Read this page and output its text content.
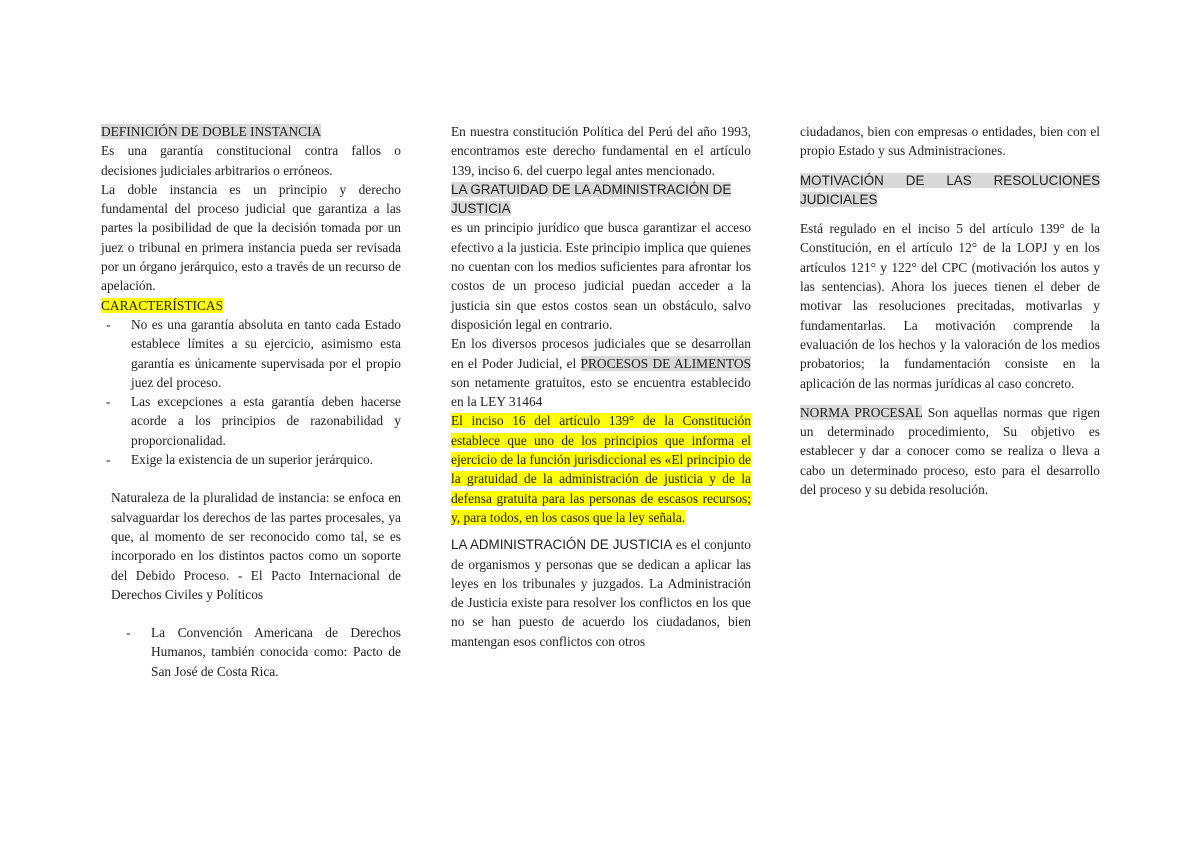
DEFINICIÓN DE DOBLE INSTANCIA

Es una garantía constitucional contra fallos o decisiones judiciales arbitrarios o erróneos.

La doble instancia es un principio y derecho fundamental del proceso judicial que garantiza a las partes la posibilidad de que la decisión tomada por un juez o tribunal en primera instancia pueda ser revisada por un órgano jerárquico, esto a través de un recurso de apelación.

CARACTERÍSTICAS

- No es una garantía absoluta en tanto cada Estado establece límites a su ejercicio, asimismo esta garantía es únicamente supervisada por el propio juez del proceso.
- Las excepciones a esta garantía deben hacerse acorde a los principios de razonabilidad y proporcionalidad.
- Exige la existencia de un superior jerárquico.

Naturaleza de la pluralidad de instancia: se enfoca en salvaguardar los derechos de las partes procesales, ya que, al momento de ser reconocido como tal, se es incorporado en los distintos pactos como un soporte del Debido Proceso. - El Pacto Internacional de Derechos Civiles y Políticos

- La Convención Americana de Derechos Humanos, también conocida como: Pacto de San José de Costa Rica.

En nuestra constitución Política del Perú del año 1993, encontramos este derecho fundamental en el artículo 139, inciso 6. del cuerpo legal antes mencionado.

LA GRATUIDAD DE LA ADMINISTRACIÓN DE JUSTICIA

es un principio jurídico que busca garantizar el acceso efectivo a la justicia. Este principio implica que quienes no cuentan con los medios suficientes para afrontar los costos de un proceso judicial puedan acceder a la justicia sin que estos costos sean un obstáculo, salvo disposición legal en contrario.

En los diversos procesos judiciales que se desarrollan en el Poder Judicial, el PROCESOS DE ALIMENTOS son netamente gratuitos, esto se encuentra establecido en la LEY 31464

El inciso 16 del artículo 139° de la Constitución establece que uno de los principios que informa el ejercicio de la función jurisdiccional es «El principio de la gratuidad de la administración de justicia y de la defensa gratuita para las personas de escasos recursos; y, para todos, en los casos que la ley señala.

LA ADMINISTRACIÓN DE JUSTICIA es el conjunto de organismos y personas que se dedican a aplicar las leyes en los tribunales y juzgados. La Administración de Justicia existe para resolver los conflictos en los que no se han puesto de acuerdo los ciudadanos, bien mantengan esos conflictos con otros

ciudadanos, bien con empresas o entidades, bien con el propio Estado y sus Administraciones.

MOTIVACIÓN DE LAS RESOLUCIONES JUDICIALES

Está regulado en el inciso 5 del artículo 139° de la Constitución, en el artículo 12° de la LOPJ y en los artículos 121° y 122° del CPC (motivación los autos y las sentencias). Ahora los jueces tienen el deber de motivar las resoluciones precitadas, motivarlas y fundamentarlas. La motivación comprende la evaluación de los hechos y la valoración de los medios probatorios; la fundamentación consiste en la aplicación de las normas jurídicas al caso concreto.

NORMA PROCESAL Son aquellas normas que rigen un determinado procedimiento, Su objetivo es establecer y dar a conocer como se realiza o lleva a cabo un determinado proceso, esto para el desarrollo del proceso y su debida resolución.
